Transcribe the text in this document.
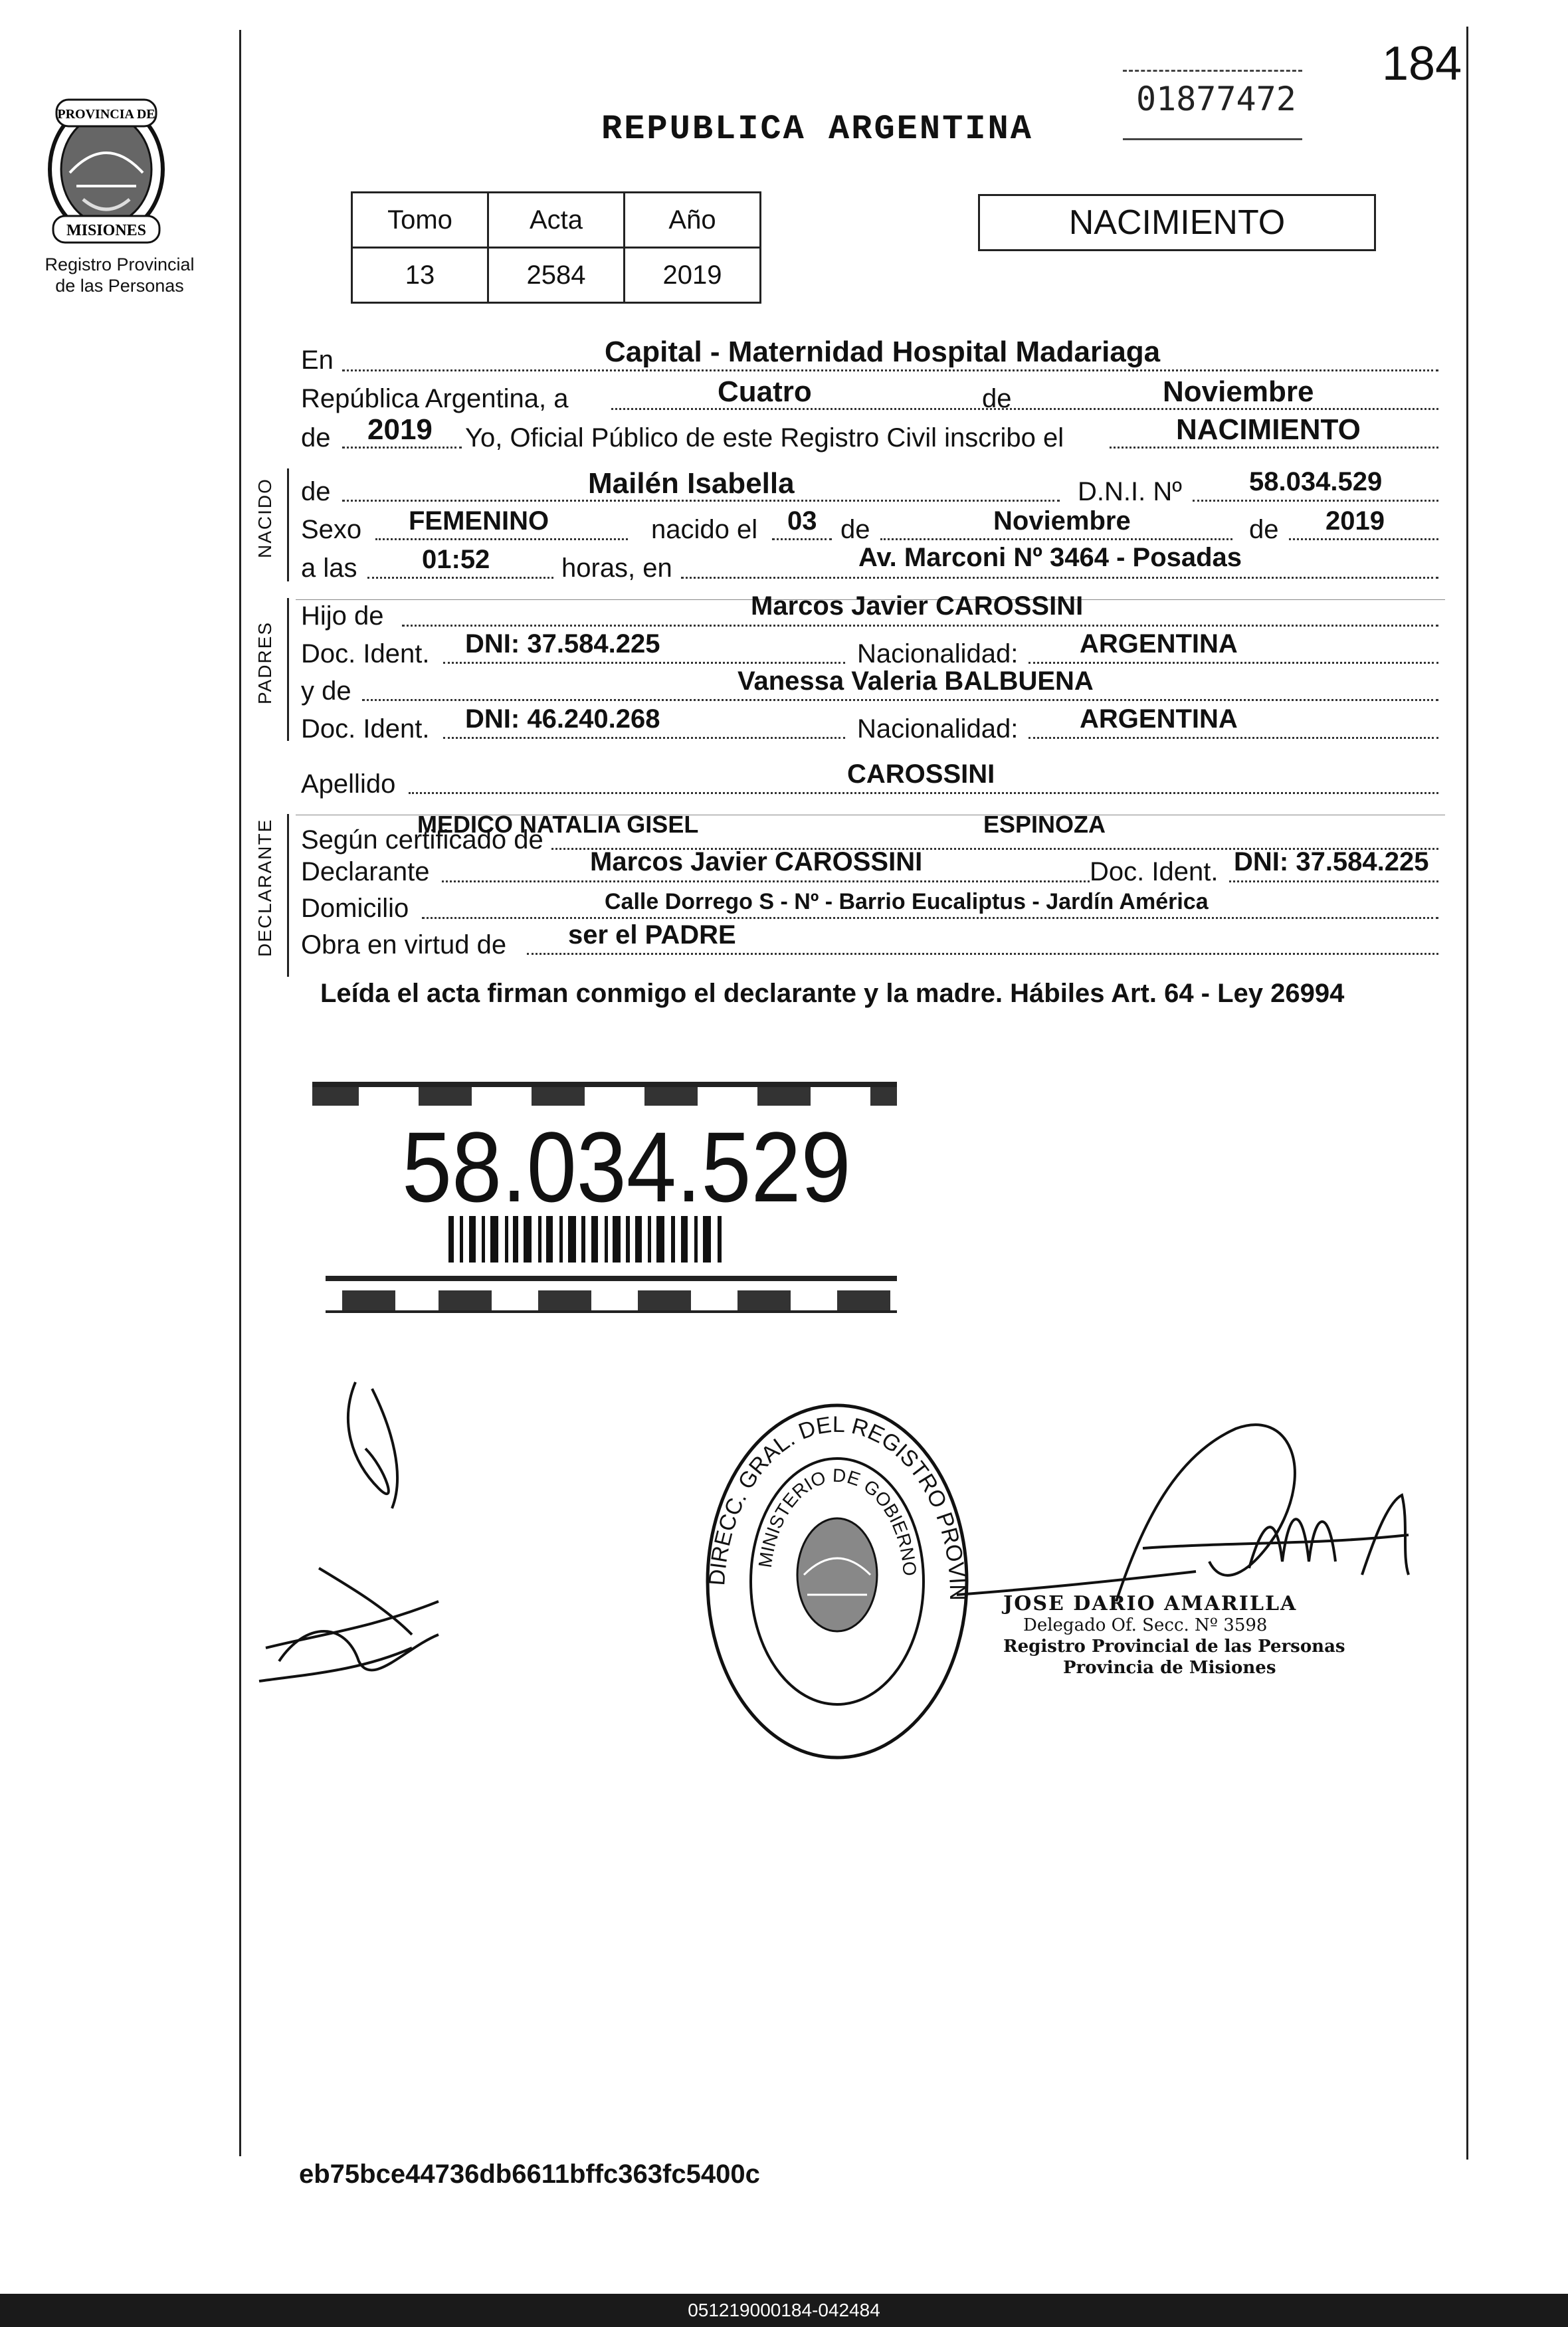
PROVINCIA DE
MISIONES
Registro Provincial
de las Personas
184
01877472
REPUBLICA ARGENTINA
Tomo	Acta	Año
13	2584	2019
NACIMIENTO
En	Capital - Maternidad Hospital Madariaga
República Argentina, a	Cuatro	de	Noviembre
de 2019 Yo, Oficial Público de este Registro Civil inscribo el	NACIMIENTO
NACIDO de	Mailén Isabella	D.N.I. Nº	58.034.529
Sexo FEMENINO	nacido el 03 de	Noviembre	de 2019
a las 01:52	horas, en	Av. Marconi Nº 3464 - Posadas
PADRES
Hijo de	Marcos Javier CAROSSINI
Doc. Ident. DNI: 37.584.225	Nacionalidad: ARGENTINA
y de	Vanessa Valeria BALBUENA
Doc. Ident. DNI: 46.240.268	Nacionalidad: ARGENTINA
Apellido	CAROSSINI
DECLARANTE Según certificado de
MEDICO NATALIA GISEL	ESPINOZA
Declarante	Marcos Javier CAROSSINI	Doc. Ident. DNI: 37.584.225
Domicilio	Calle Dorrego S - Nº - Barrio Eucaliptus - Jardín América
Obra en virtud de ser el PADRE
Leída el acta firman conmigo el declarante y la madre. Hábiles Art. 64 - Ley 26994
58.034.529
DIRECC. GRAL. DEL REGISTRO PROVIN
MINISTERIO DE GOBIERNO
JOSE DARIO AMARILLA
Delegado Of. Secc. Nº 3598
Registro Provincial de las Personas
Provincia de Misiones
eb75bce44736db6611bffc363fc5400c
051219000184-042484
